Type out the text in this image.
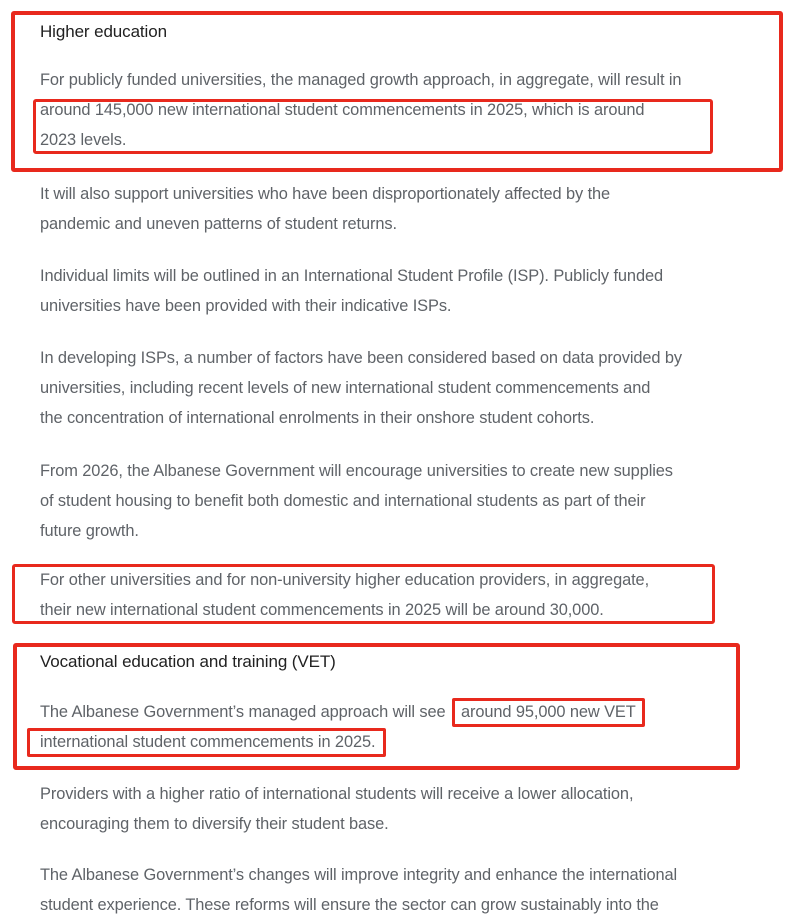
Higher education
For publicly funded universities, the managed growth approach, in aggregate, will result in
around 145,000 new international student commencements in 2025, which is around
2023 levels.
It will also support universities who have been disproportionately affected by the
pandemic and uneven patterns of student returns.
Individual limits will be outlined in an International Student Profile (ISP). Publicly funded
universities have been provided with their indicative ISPs.
In developing ISPs, a number of factors have been considered based on data provided by
universities, including recent levels of new international student commencements and
the concentration of international enrolments in their onshore student cohorts.
From 2026, the Albanese Government will encourage universities to create new supplies
of student housing to benefit both domestic and international students as part of their
future growth.
For other universities and for non-university higher education providers, in aggregate,
their new international student commencements in 2025 will be around 30,000.
Vocational education and training (VET)
The Albanese Government’s managed approach will see around 95,000 new VET
international student commencements in 2025.
Providers with a higher ratio of international students will receive a lower allocation,
encouraging them to diversify their student base.
The Albanese Government’s changes will improve integrity and enhance the international
student experience. These reforms will ensure the sector can grow sustainably into the
